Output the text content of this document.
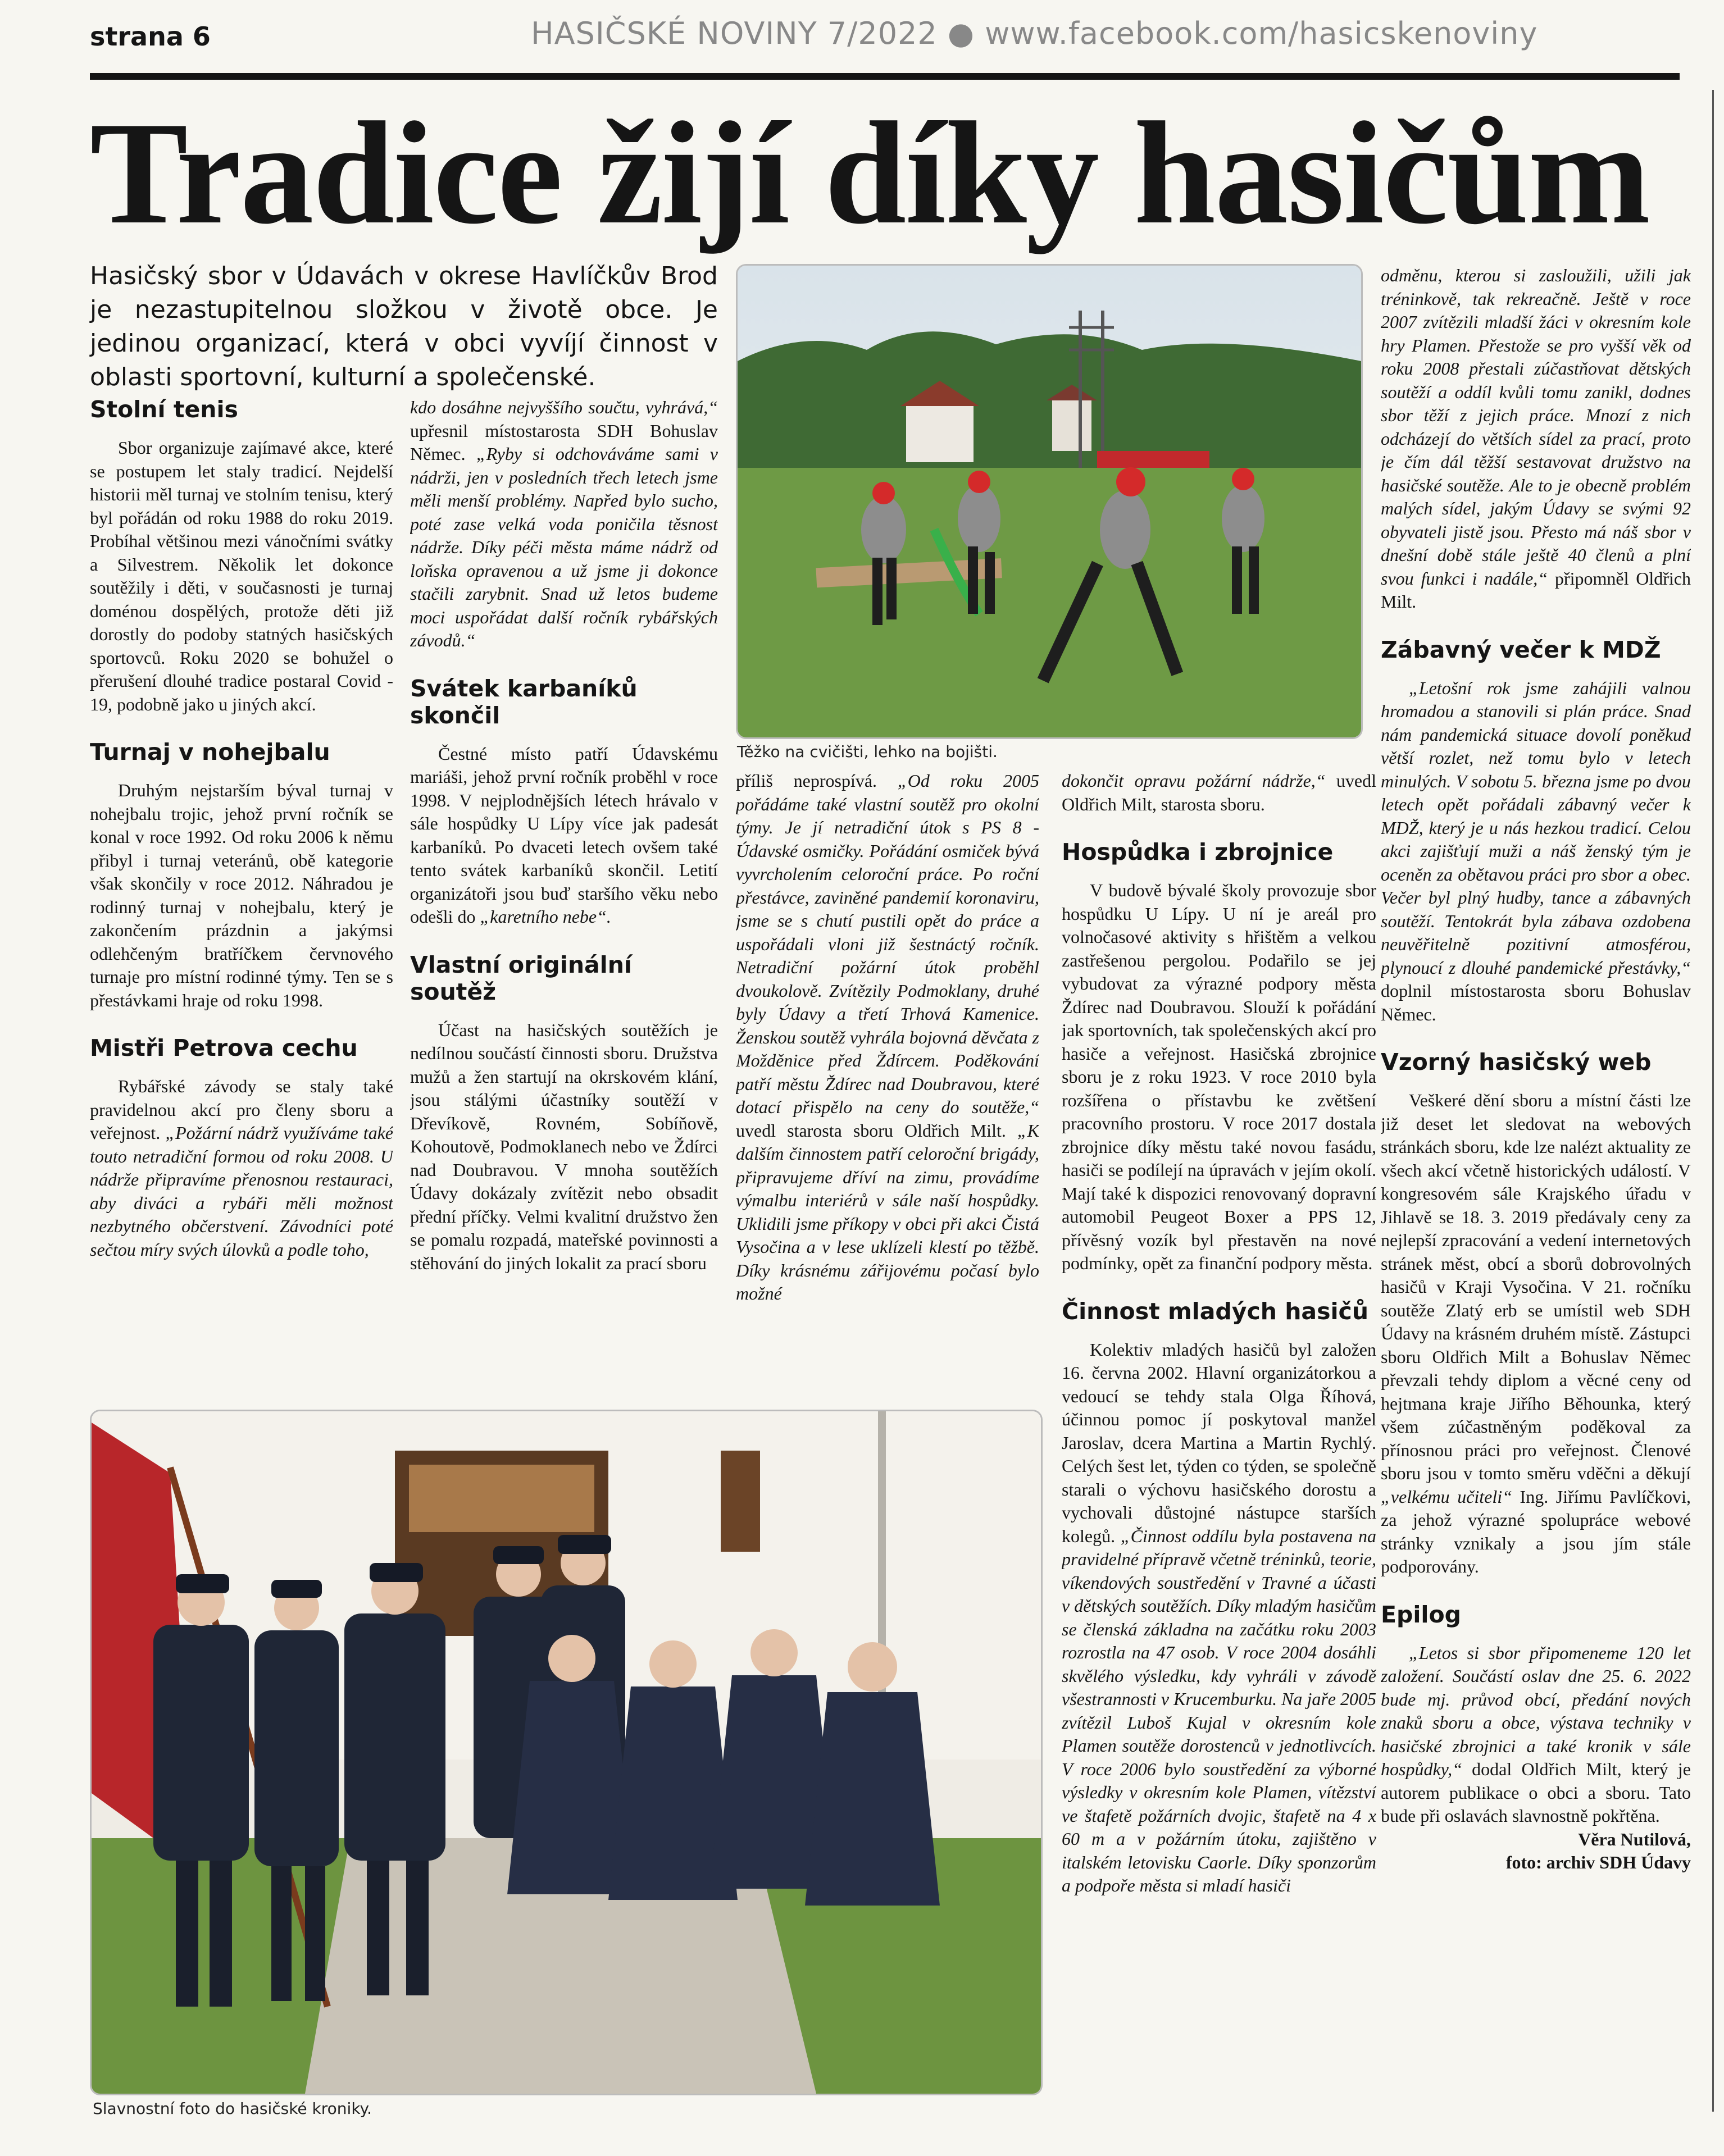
strana 6	HASIČSKÉ NOVINY 7/2022 ● www.facebook.com/hasicskenoviny
Tradice žijí díky hasičům
Hasičský sbor v Údavách v okrese Havlíčkův Brod je nezastupitelnou složkou v životě obce. Je jedinou organizací, která v obci vyvíjí činnost v oblasti sportovní, kulturní a společenské.
Stolní tenis

Sbor organizuje zajímavé akce, které se postupem let staly tradicí. Nejdelší historii měl turnaj ve stolním tenisu, který byl pořádán od roku 1988 do roku 2019. Probíhal většinou mezi vánočními svátky a Silvestrem. Několik let dokonce soutěžily i děti, v současnosti je turnaj doménou dospělých, protože děti již dorostly do podoby statných hasičských sportovců. Roku 2020 se bohužel o přerušení dlouhé tradice postaral Covid - 19, podobně jako u jiných akcí.

Turnaj v nohejbalu

Druhým nejstarším býval turnaj v nohejbalu trojic, jehož první ročník se konal v roce 1992. Od roku 2006 k němu přibyl i turnaj veteránů, obě kategorie však skončily v roce 2012. Náhradou je rodinný turnaj v nohejbalu, který je zakončením prázdnin a jakýmsi odlehčeným bratříčkem červnového turnaje pro místní rodinné týmy. Ten se s přestávkami hraje od roku 1998.

Mistři Petrova cechu

Rybářské závody se staly také pravidelnou akcí pro členy sboru a veřejnost. „Požární nádrž využíváme také touto netradiční formou od roku 2008. U nádrže připravíme přenosnou restauraci, aby diváci a rybáři měli možnost nezbytného občerstvení. Závodníci poté sečtou míry svých úlovků a podle toho,

kdo dosáhne nejvyššího součtu, vyhrává,“ upřesnil místostarosta SDH Bohuslav Němec. „Ryby si odchováváme sami v nádrži, jen v posledních třech letech jsme měli menší problémy. Napřed bylo sucho, poté zase velká voda poničila těsnost nádrže. Díky péči města máme nádrž od loňska opravenou a už jsme ji dokonce stačili zarybnit. Snad už letos budeme moci uspořádat další ročník rybářských závodů.“

Svátek karbaníků skončil

Čestné místo patří Údavskému mariáši, jehož první ročník proběhl v roce 1998. V nejplodnějších létech hrávalo v sále hospůdky U Lípy více jak padesát karbaníků. Po dvaceti letech ovšem také tento svátek karbaníků skončil. Letití organizátoři jsou buď staršího věku nebo odešli do „karetního nebe“.

Vlastní originální soutěž

Účast na hasičských soutěžích je nedílnou součástí činnosti sboru. Družstva mužů a žen startují na okrskovém klání, jsou stálými účastníky soutěží v Dřevíkově, Rovném, Sobíňově, Kohoutově, Podmoklanech nebo ve Ždírci nad Doubravou. V mnoha soutěžích Údavy dokázaly zvítězit nebo obsadit přední příčky. Velmi kvalitní družstvo žen se pomalu rozpadá, mateřské povinnosti a stěhování do jiných lokalit za prací sboru

Těžko na cvičišti, lehko na bojišti.

příliš neprospívá. „Od roku 2005 pořádáme také vlastní soutěž pro okolní týmy. Je jí netradiční útok s PS 8 - Údavské osmičky. Pořádání osmiček bývá vyvrcholením celoroční práce. Po roční přestávce, zaviněné pandemií koronaviru, jsme se s chutí pustili opět do práce a uspořádali vloni již šestnáctý ročník. Netradiční požární útok proběhl dvoukolově. Zvítězily Podmoklany, druhé byly Údavy a třetí Trhová Kamenice. Ženskou soutěž vyhrála bojovná děvčata z Možděnice před Ždírcem. Poděkování patří městu Ždírec nad Doubravou, které dotací přispělo na ceny do soutěže,“ uvedl starosta sboru Oldřich Milt. „K dalším činnostem patří celoroční brigády, připravujeme dříví na zimu, provádíme výmalbu interiérů v sále naší hospůdky. Uklidili jsme příkopy v obci při akci Čistá Vysočina a v lese uklízeli klestí po těžbě. Díky krásnému zářijovému počasí bylo možné

dokončit opravu požární nádrže,“ uvedl Oldřich Milt, starosta sboru.

Hospůdka i zbrojnice

V budově bývalé školy provozuje sbor hospůdku U Lípy. U ní je areál pro volnočasové aktivity s hřištěm a velkou zastřešenou pergolou. Podařilo se jej vybudovat za výrazné podpory města Ždírec nad Doubravou. Slouží k pořádání jak sportovních, tak společenských akcí pro hasiče a veřejnost. Hasičská zbrojnice sboru je z roku 1923. V roce 2010 byla rozšířena o přístavbu ke zvětšení pracovního prostoru. V roce 2017 dostala zbrojnice díky městu také novou fasádu, hasiči se podílejí na úpravách v jejím okolí. Mají také k dispozici renovovaný dopravní automobil Peugeot Boxer a PPS 12, přívěsný vozík byl přestavěn na nové podmínky, opět za finanční podpory města.

Činnost mladých hasičů

Kolektiv mladých hasičů byl založen 16. června 2002. Hlavní organizátorkou a vedoucí se tehdy stala Olga Říhová, účinnou pomoc jí poskytoval manžel Jaroslav, dcera Martina a Martin Rychlý. Celých šest let, týden co týden, se společně starali o výchovu hasičského dorostu a vychovali důstojné nástupce starších kolegů. „Činnost oddílu byla postavena na pravidelné přípravě včetně tréninků, teorie, víkendových soustředění v Travné a účasti v dětských soutěžích. Díky mladým hasičům se členská základna na začátku roku 2003 rozrostla na 47 osob. V roce 2004 dosáhli skvělého výsledku, kdy vyhráli v závodě všestrannosti v Krucemburku. Na jaře 2005 zvítězil Luboš Kujal v okresním kole Plamen soutěže dorostenců v jednotlivcích. V roce 2006 bylo soustředění za výborné výsledky v okresním kole Plamen, vítězství ve štafetě požárních dvojic, štafetě na 4 x 60 m a v požárním útoku, zajištěno v italském letovisku Caorle. Díky sponzorům a podpoře města si mladí hasiči

odměnu, kterou si zasloužili, užili jak tréninkově, tak rekreačně. Ještě v roce 2007 zvítězili mladší žáci v okresním kole hry Plamen. Přestože se pro vyšší věk od roku 2008 přestali zúčastňovat dětských soutěží a oddíl kvůli tomu zanikl, dodnes sbor těží z jejich práce. Mnozí z nich odcházejí do větších sídel za prací, proto je čím dál těžší sestavovat družstvo na hasičské soutěže. Ale to je obecně problém malých sídel, jakým Údavy se svými 92 obyvateli jistě jsou. Přesto má náš sbor v dnešní době stále ještě 40 členů a plní svou funkci i nadále,“ připomněl Oldřich Milt.

Zábavný večer k MDŽ

„Letošní rok jsme zahájili valnou hromadou a stanovili si plán práce. Snad nám pandemická situace dovolí poněkud větší rozlet, než tomu bylo v letech minulých. V sobotu 5. března jsme po dvou letech opět pořádali zábavný večer k MDŽ, který je u nás hezkou tradicí. Celou akci zajišťují muži a náš ženský tým je oceněn za obětavou práci pro sbor a obec. Večer byl plný hudby, tance a zábavných soutěží. Tentokrát byla zábava ozdobena neuvěřitelně pozitivní atmosférou, plynoucí z dlouhé pandemické přestávky,“ doplnil místostarosta sboru Bohuslav Němec.

Vzorný hasičský web

Veškeré dění sboru a místní části lze již deset let sledovat na webových stránkách sboru, kde lze nalézt aktuality ze všech akcí včetně historických událostí. V kongresovém sále Krajského úřadu v Jihlavě se 18. 3. 2019 předávaly ceny za nejlepší zpracování a vedení internetových stránek měst, obcí a sborů dobrovolných hasičů v Kraji Vysočina. V 21. ročníku soutěže Zlatý erb se umístil web SDH Údavy na krásném druhém místě. Zástupci sboru Oldřich Milt a Bohuslav Němec převzali tehdy diplom a věcné ceny od hejtmana kraje Jiřího Běhounka, který všem zúčastněným poděkoval za přínosnou práci pro veřejnost. Členové sboru jsou v tomto směru vděčni a děkují „velkému učiteli“ Ing. Jiřímu Pavlíčkovi, za jehož výrazné spolupráce webové stránky vznikaly a jsou jím stále podporovány.

Epilog

„Letos si sbor připomeneme 120 let založení. Součástí oslav dne 25. 6. 2022 bude mj. průvod obcí, předání nových znaků sboru a obce, výstava techniky v hasičské zbrojnici a také kronik v sále hospůdky,“ dodal Oldřich Milt, který je autorem publikace o obci a sboru. Tato bude při oslavách slavnostně pokřtěna.

Věra Nutilová,

foto: archiv SDH Údavy

Slavnostní foto do hasičské kroniky.
